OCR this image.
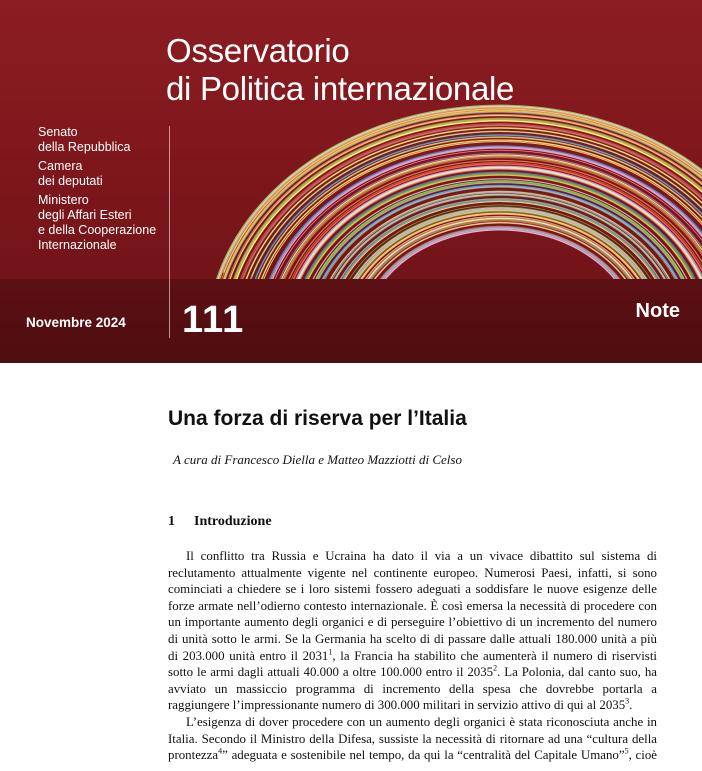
Osservatorio
di Politica internazionale
Senato
della Repubblica
Camera
dei deputati
Ministero
degli Affari Esteri
e della Cooperazione
Internazionale
Novembre 2024 111	Note
Una forza di riserva per l’Italia
A cura di Francesco Diella e Matteo Mazziotti di Celso
1 Introduzione
Il conflitto tra Russia e Ucraina ha dato il via a un vivace dibattito sul sistema di
reclutamento attualmente vigente nel continente europeo. Numerosi Paesi, infatti, si sono
cominciati a chiedere se i loro sistemi fossero adeguati a soddisfare le nuove esigenze delle
forze armate nell’odierno contesto internazionale. È così emersa la necessità di procedere con
un importante aumento degli organici e di perseguire l’obiettivo di un incremento del numero
di unità sotto le armi. Se la Germania ha scelto di di passare dalle attuali 180.000 unità a più
di 203.000 unità entro il 2031$^1$, la Francia ha stabilito che aumenterà il numero di riservisti
sotto le armi dagli attuali 40.000 a oltre 100.000 entro il 2035$^2$. La Polonia, dal canto suo, ha
avviato un massiccio programma di incremento della spesa che dovrebbe portarla a
raggiungere l’impressionante numero di 300.000 militari in servizio attivo di qui al 2035$^3$.
L’esigenza di dover procedere con un aumento degli organici è stata riconosciuta anche in
Italia. Secondo il Ministro della Difesa, sussiste la necessità di ritornare ad una “cultura della
prontezza$^4$” adeguata e sostenibile nel tempo, da qui la “centralità del Capitale Umano”$^5$, cioè
